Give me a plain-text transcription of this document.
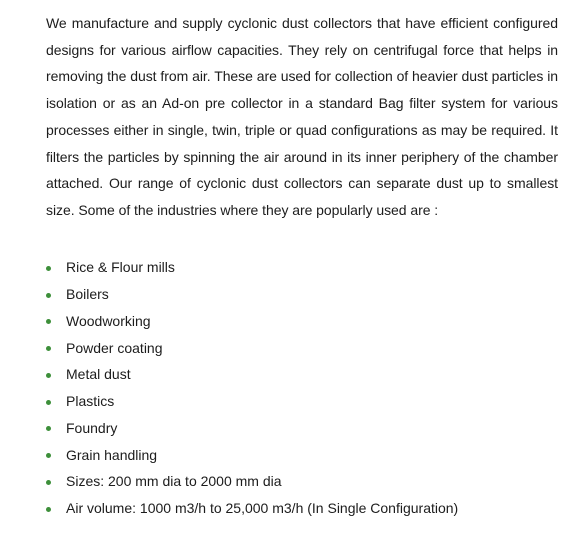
We manufacture and supply cyclonic dust collectors that have efficient configured designs for various airflow capacities. They rely on centrifugal force that helps in removing the dust from air. These are used for collection of heavier dust particles in isolation or as an Ad-on pre collector in a standard Bag filter system for various processes either in single, twin, triple or quad configurations as may be required. It filters the particles by spinning the air around in its inner periphery of the chamber attached. Our range of cyclonic dust collectors can separate dust up to smallest size. Some of the industries where they are popularly used are :

Rice & Flour mills
Boilers
Woodworking
Powder coating
Metal dust
Plastics
Foundry
Grain handling
Sizes: 200 mm dia to 2000 mm dia
Air volume: 1000 m3/h to 25,000 m3/h (In Single Configuration)
